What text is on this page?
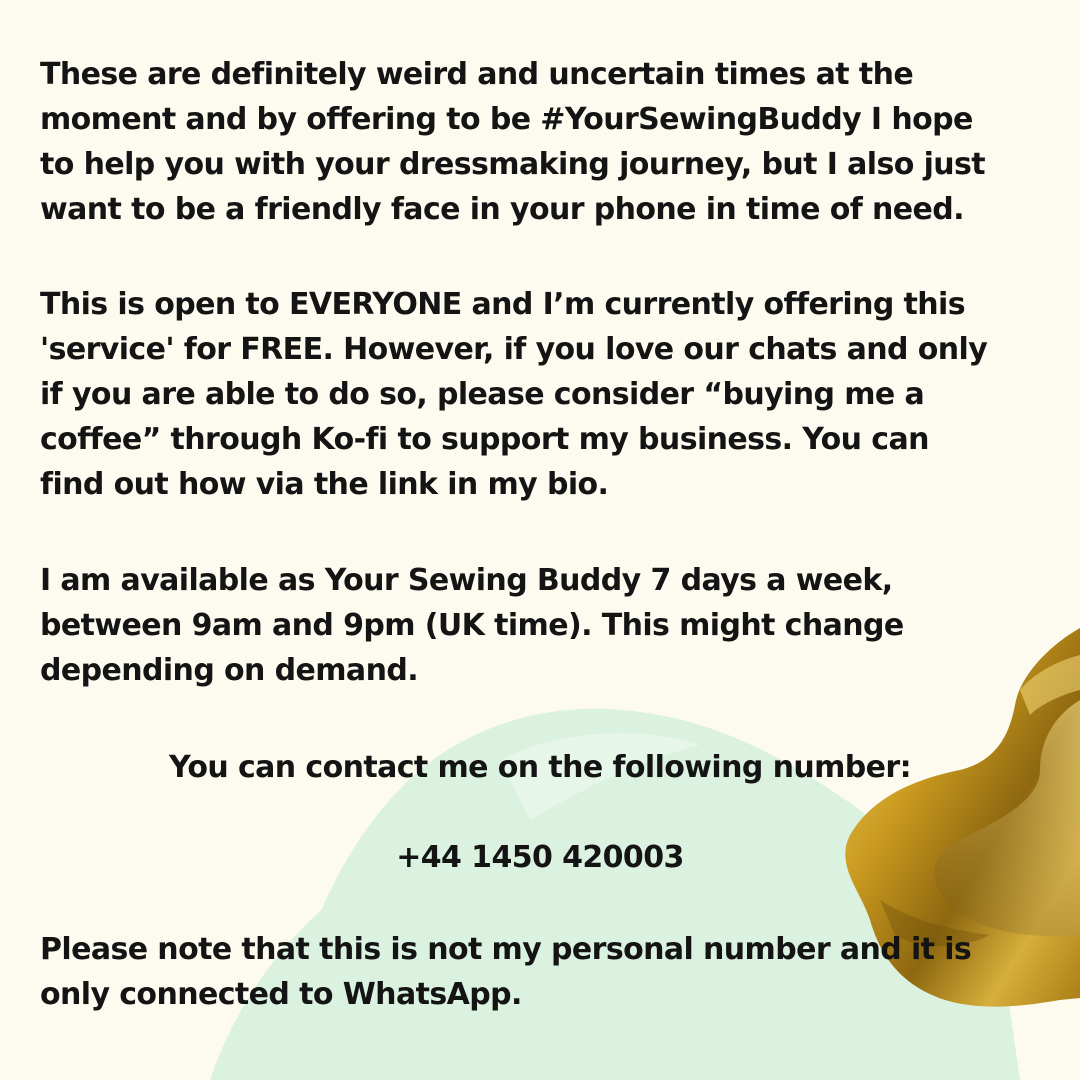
These are definitely weird and uncertain times at the
moment and by offering to be #YourSewingBuddy I hope
to help you with your dressmaking journey, but I also just
want to be a friendly face in your phone in time of need.

This is open to EVERYONE and I’m currently offering this
'service' for FREE. However, if you love our chats and only
if you are able to do so, please consider “buying me a
coffee” through Ko-fi to support my business. You can
find out how via the link in my bio.

I am available as Your Sewing Buddy 7 days a week,
between 9am and 9pm (UK time). This might change
depending on demand.

You can contact me on the following number:

+44 1450 420003

Please note that this is not my personal number and it is
only connected to WhatsApp.
